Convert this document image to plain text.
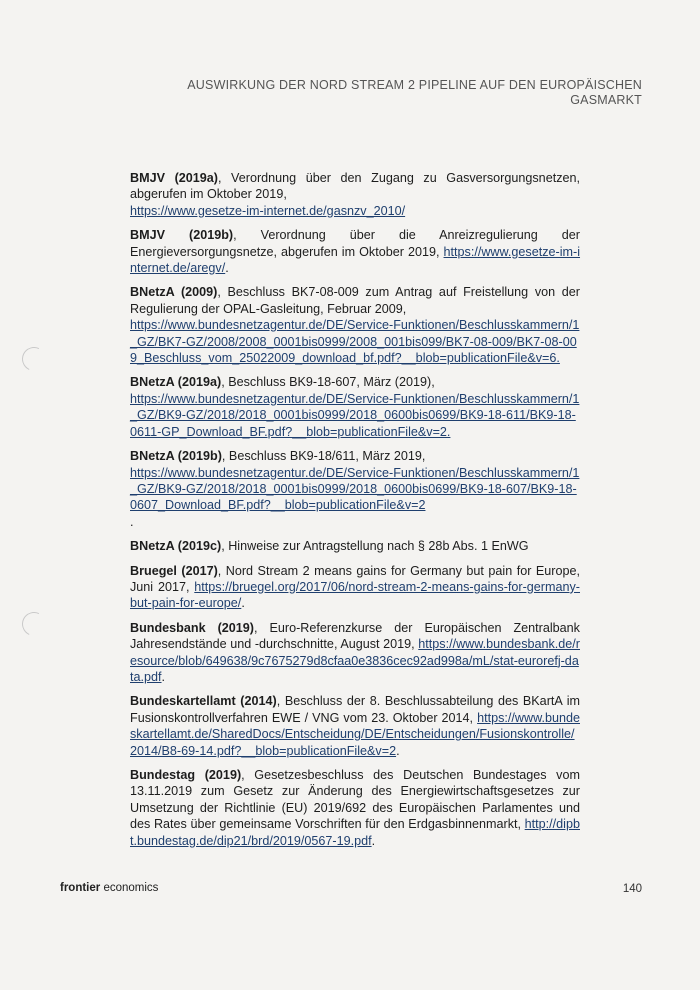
AUSWIRKUNG DER NORD STREAM 2 PIPELINE AUF DEN EUROPÄISCHEN
GASMARKT
BMJV (2019a), Verordnung über den Zugang zu Gasversorgungsnetzen, abgerufen im Oktober 2019,
https://www.gesetze-im-internet.de/gasnzv_2010/
BMJV (2019b), Verordnung über die Anreizregulierung der Energieversorgungsnetze, abgerufen im Oktober 2019, https://www.gesetze-im-internet.de/aregv/.
BNetzA (2009), Beschluss BK7-08-009 zum Antrag auf Freistellung von der Regulierung der OPAL-Gasleitung, Februar 2009,
https://www.bundesnetzagentur.de/DE/Service-Funktionen/Beschlusskammern/1_GZ/BK7-GZ/2008/2008_0001bis0999/2008_001bis099/BK7-08-009/BK7-08-009_Beschluss_vom_25022009_download_bf.pdf?__blob=publicationFile&v=6.
BNetzA (2019a), Beschluss BK9-18-607, März (2019),
https://www.bundesnetzagentur.de/DE/Service-Funktionen/Beschlusskammern/1_GZ/BK9-GZ/2018/2018_0001bis0999/2018_0600bis0699/BK9-18-611/BK9-18-0611-GP_Download_BF.pdf?__blob=publicationFile&v=2.
BNetzA (2019b), Beschluss BK9-18/611, März 2019,
https://www.bundesnetzagentur.de/DE/Service-Funktionen/Beschlusskammern/1_GZ/BK9-GZ/2018/2018_0001bis0999/2018_0600bis0699/BK9-18-607/BK9-18-0607_Download_BF.pdf?__blob=publicationFile&v=2
.
BNetzA (2019c), Hinweise zur Antragstellung nach § 28b Abs. 1 EnWG
Bruegel (2017), Nord Stream 2 means gains for Germany but pain for Europe, Juni 2017, https://bruegel.org/2017/06/nord-stream-2-means-gains-for-germany-but-pain-for-europe/.
Bundesbank (2019), Euro-Referenzkurse der Europäischen Zentralbank Jahresendstände und -durchschnitte, August 2019, https://www.bundesbank.de/resource/blob/649638/9c7675279d8cfaa0e3836cec92ad998a/mL/stat-eurorefj-data.pdf.
Bundeskartellamt (2014), Beschluss der 8. Beschlussabteilung des BKartA im Fusionskontrollverfahren EWE / VNG vom 23. Oktober 2014, https://www.bundeskartellamt.de/SharedDocs/Entscheidung/DE/Entscheidungen/Fusionskontrolle/2014/B8-69-14.pdf?__blob=publicationFile&v=2.
Bundestag (2019), Gesetzesbeschluss des Deutschen Bundestages vom 13.11.2019 zum Gesetz zur Änderung des Energiewirtschaftsgesetzes zur Umsetzung der Richtlinie (EU) 2019/692 des Europäischen Parlamentes und des Rates über gemeinsame Vorschriften für den Erdgasbinnenmarkt, http://dipbt.bundestag.de/dip21/brd/2019/0567-19.pdf.
frontier economics	140
